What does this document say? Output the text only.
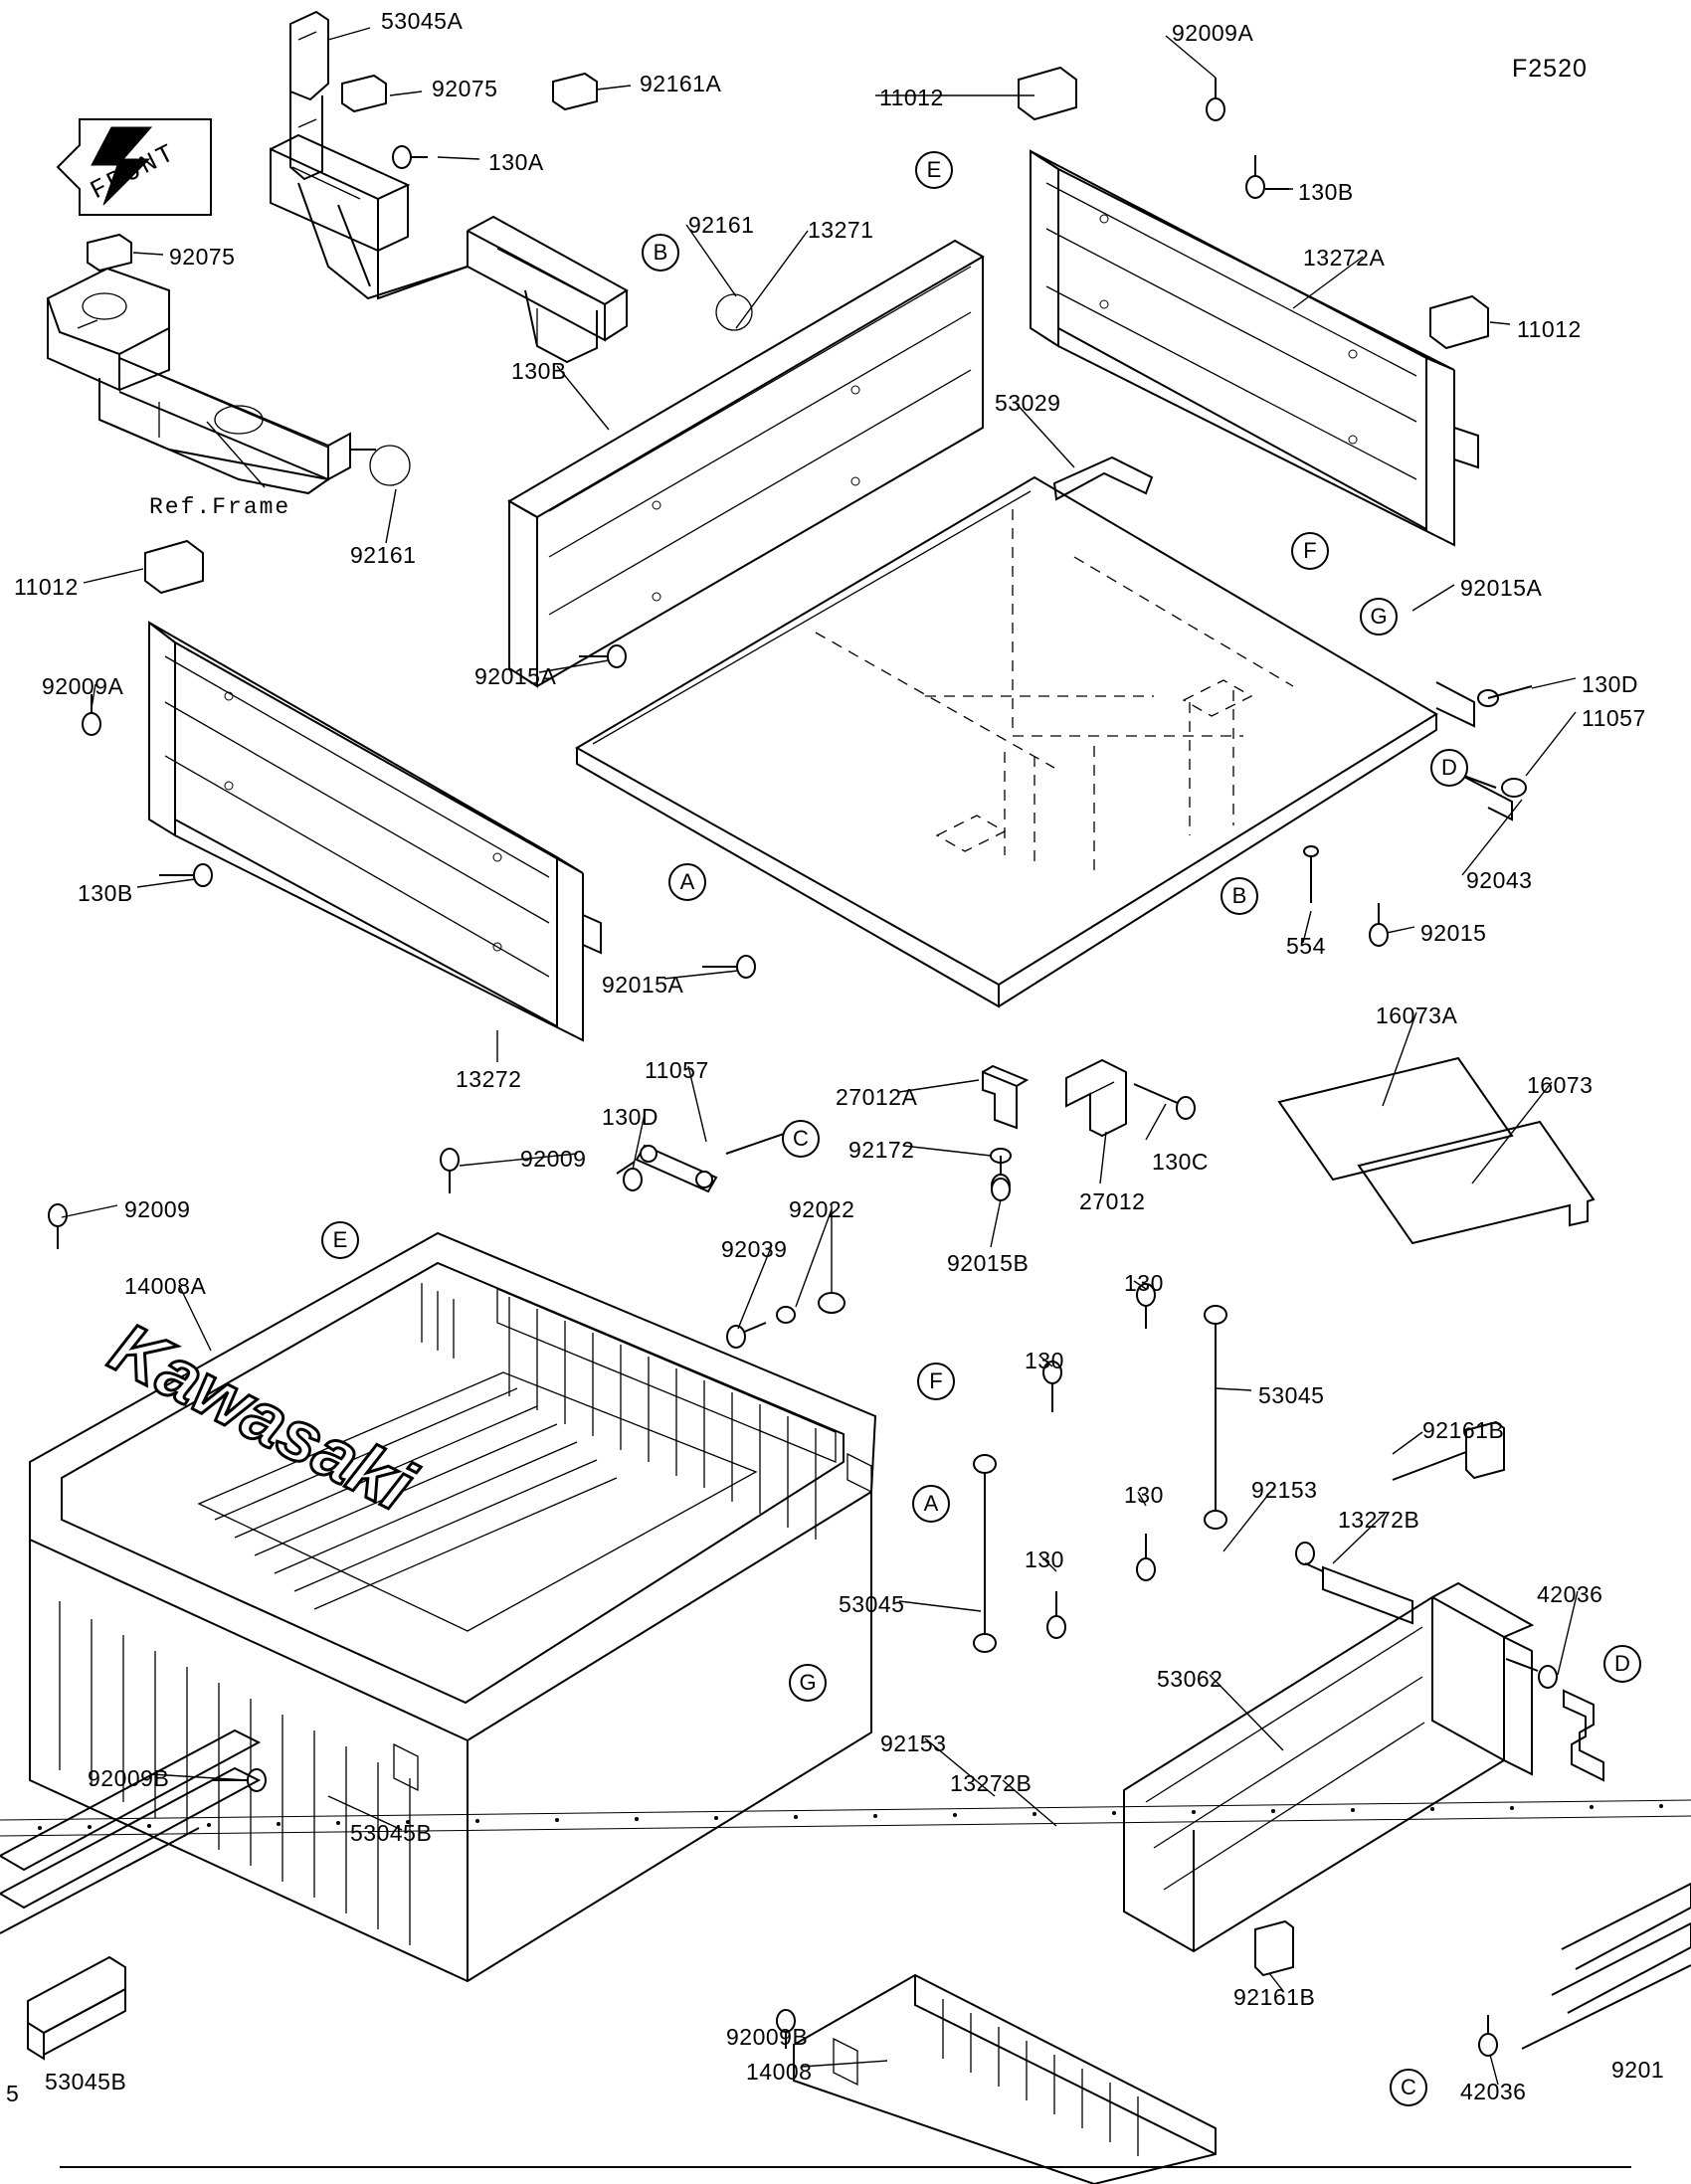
Kawasaki
53045A	92009A
F2520
92075	92161A
11012
130A
130B
92075
92161 13271
13272A
11012
130B
53029
Ref.Frame
92161
11012	92015A
92009A	92015A	130D
11057
130B	92043
92015A
554	92015
13272	11057
16073A
16073
130D
27012A
92172	130C
92009
27012
92009	92022
92039
92015B
14008A	130
130
53045
92161B
92153
130
13272B
130
42036
53045
53062
92153
13272B
92009B
53045B
92161B
92009B
14008
42036
9201
53045B
5
E
B
F
G
D
A
B
C
E
F
A
D
G
C
